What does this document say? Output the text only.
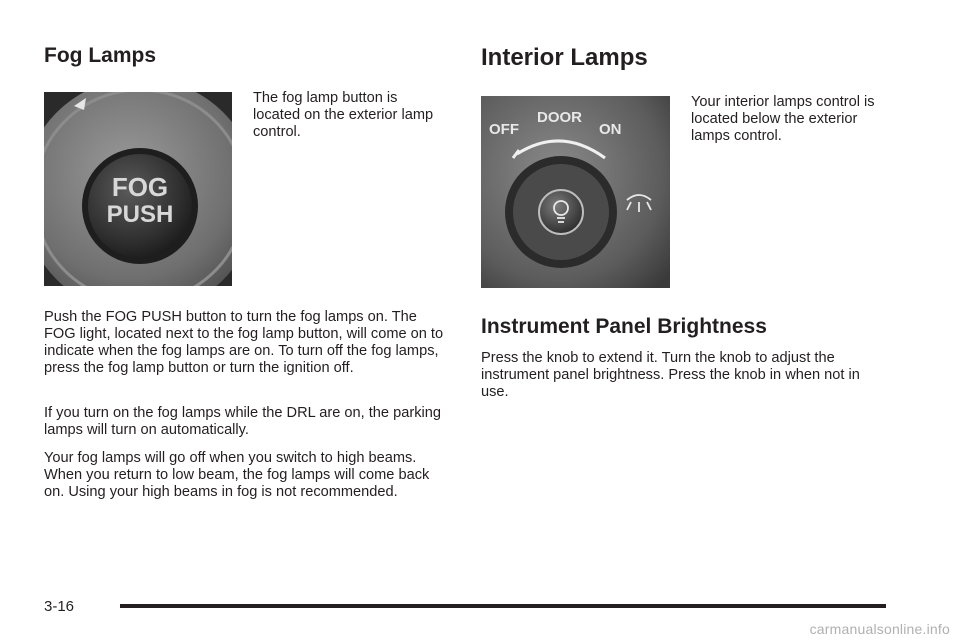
Fog Lamps
FOG
PUSH

The fog lamp button is located on the exterior lamp control.

Push the FOG PUSH button to turn the fog lamps on. The FOG light, located next to the fog lamp button, will come on to indicate when the fog lamps are on. To turn off the fog lamps, press the fog lamp button or turn the ignition off.

If you turn on the fog lamps while the DRL are on, the parking lamps will turn on automatically.

Your fog lamps will go off when you switch to high beams. When you return to low beam, the fog lamps will come back on. Using your high beams in fog is not recommended.

Interior Lamps
OFF
DOOR
ON

Your interior lamps control is located below the exterior lamps control.

Instrument Panel Brightness

Press the knob to extend it. Turn the knob to adjust the instrument panel brightness. Press the knob in when not in use.

3-16
carmanualsonline.info
